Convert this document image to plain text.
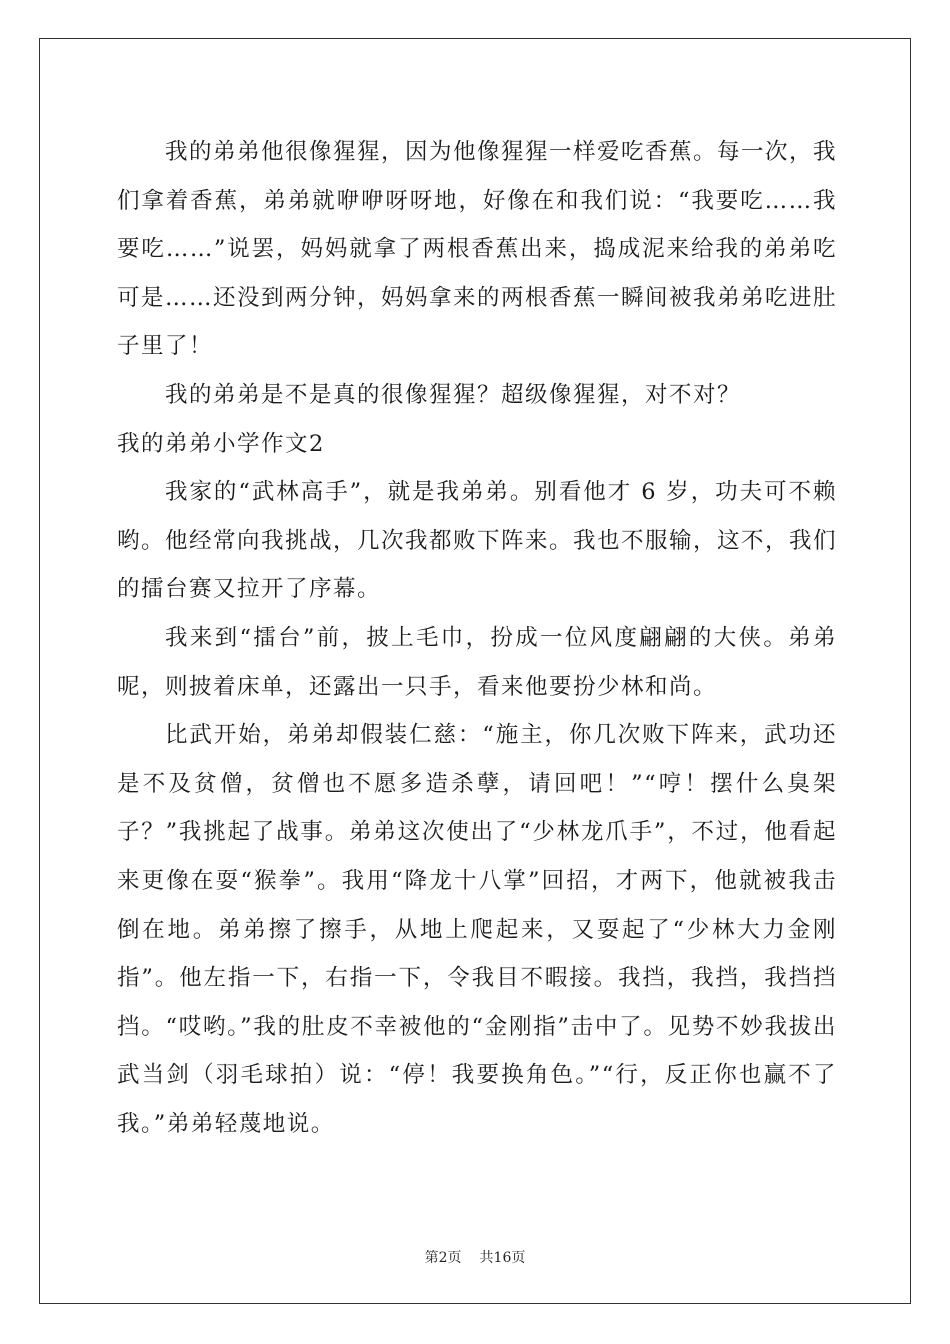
我的弟弟他很像猩猩，因为他像猩猩一样爱吃香蕉。每一次，我们拿着香蕉，弟弟就咿咿呀呀地，好像在和我们说：“我要吃……我要吃……”说罢，妈妈就拿了两根香蕉出来，捣成泥来给我的弟弟吃可是……还没到两分钟，妈妈拿来的两根香蕉一瞬间被我弟弟吃进肚子里了！

我的弟弟是不是真的很像猩猩？超级像猩猩，对不对？

我的弟弟小学作文2

我家的“武林高手”，就是我弟弟。别看他才 6 岁，功夫可不赖哟。他经常向我挑战，几次我都败下阵来。我也不服输，这不，我们的擂台赛又拉开了序幕。

我来到“擂台”前，披上毛巾，扮成一位风度翩翩的大侠。弟弟呢，则披着床单，还露出一只手，看来他要扮少林和尚。

比武开始，弟弟却假装仁慈：“施主，你几次败下阵来，武功还是不及贫僧，贫僧也不愿多造杀孽，请回吧！”“哼！摆什么臭架子？”我挑起了战事。弟弟这次使出了“少林龙爪手”，不过，他看起来更像在耍“猴拳”。我用“降龙十八掌”回招，才两下，他就被我击倒在地。弟弟擦了擦手，从地上爬起来，又耍起了“少林大力金刚指”。他左指一下，右指一下，令我目不暇接。我挡，我挡，我挡挡挡。“哎哟。”我的肚皮不幸被他的“金刚指”击中了。见势不妙我拔出武当剑（羽毛球拍）说：“停！我要换角色。”“行，反正你也赢不了我。”弟弟轻蔑地说。

第2页 共16页
